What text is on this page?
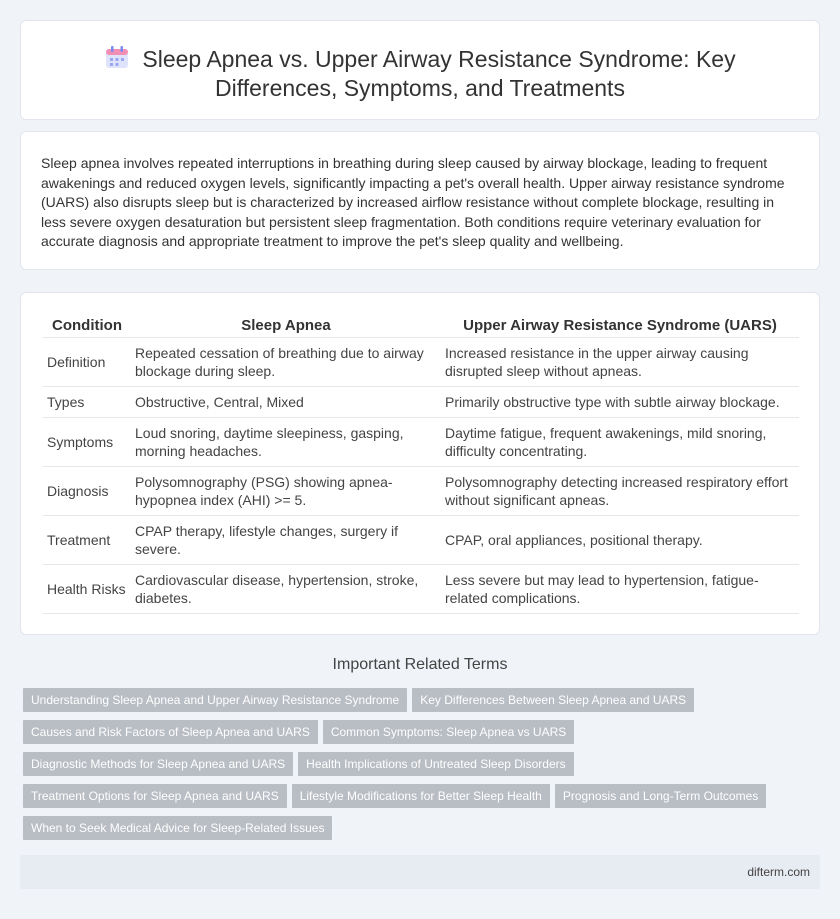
Sleep Apnea vs. Upper Airway Resistance Syndrome: Key Differences, Symptoms, and Treatments

Sleep apnea involves repeated interruptions in breathing during sleep caused by airway blockage, leading to frequent awakenings and reduced oxygen levels, significantly impacting a pet's overall health. Upper airway resistance syndrome (UARS) also disrupts sleep but is characterized by increased airflow resistance without complete blockage, resulting in less severe oxygen desaturation but persistent sleep fragmentation. Both conditions require veterinary evaluation for accurate diagnosis and appropriate treatment to improve the pet's sleep quality and wellbeing.

Condition	Sleep Apnea	Upper Airway Resistance Syndrome (UARS)
Definition	Repeated cessation of breathing due to airway blockage during sleep.	Increased resistance in the upper airway causing disrupted sleep without apneas.
Types	Obstructive, Central, Mixed	Primarily obstructive type with subtle airway blockage.
Symptoms	Loud snoring, daytime sleepiness, gasping, morning headaches.	Daytime fatigue, frequent awakenings, mild snoring, difficulty concentrating.
Diagnosis	Polysomnography (PSG) showing apnea-hypopnea index (AHI) >= 5.	Polysomnography detecting increased respiratory effort without significant apneas.
Treatment	CPAP therapy, lifestyle changes, surgery if severe.	CPAP, oral appliances, positional therapy.
Health Risks	Cardiovascular disease, hypertension, stroke, diabetes.	Less severe but may lead to hypertension, fatigue-related complications.
Important Related Terms
Understanding Sleep Apnea and Upper Airway Resistance Syndrome Key Differences Between Sleep Apnea and UARS
Causes and Risk Factors of Sleep Apnea and UARS Common Symptoms: Sleep Apnea vs UARS
Diagnostic Methods for Sleep Apnea and UARS Health Implications of Untreated Sleep Disorders
Treatment Options for Sleep Apnea and UARS Lifestyle Modifications for Better Sleep Health Prognosis and Long-Term Outcomes
When to Seek Medical Advice for Sleep-Related Issues
difterm.com
